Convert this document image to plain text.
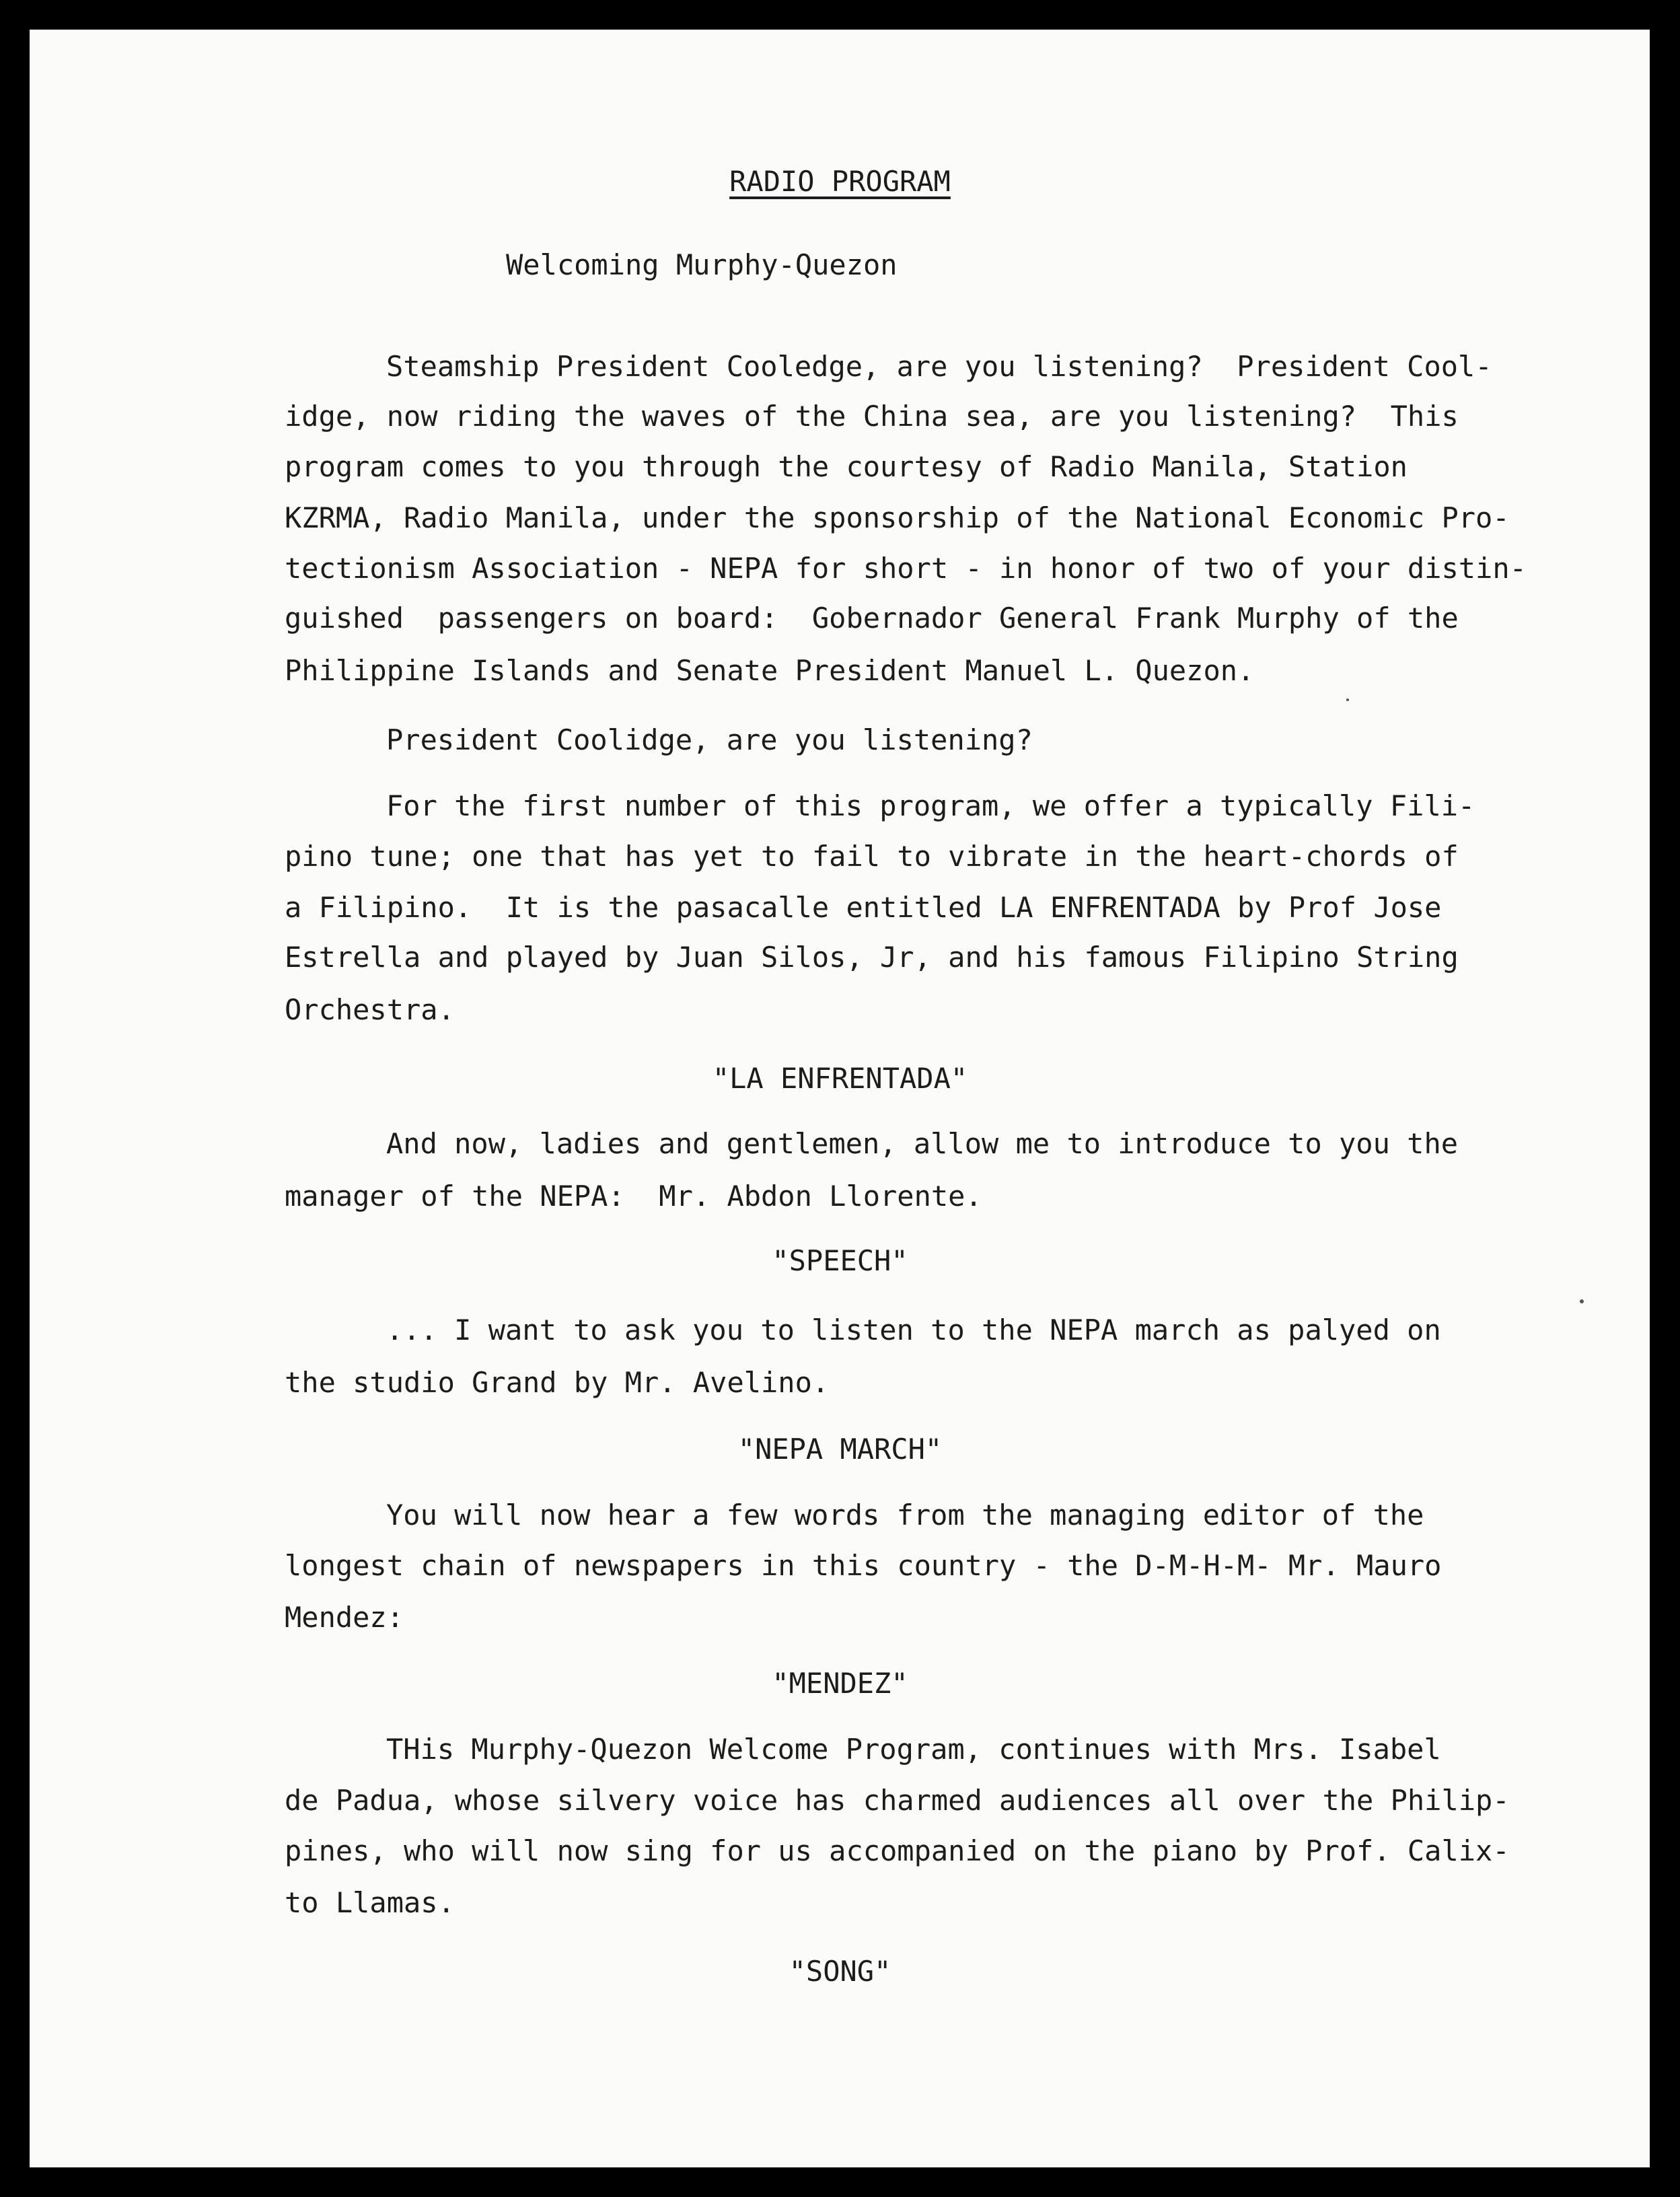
RADIO PROGRAM

Welcoming Murphy-Quezon

Steamship President Cooledge, are you listening?  President Cool-

idge, now riding the waves of the China sea, are you listening?  This

program comes to you through the courtesy of Radio Manila, Station

KZRMA, Radio Manila, under the sponsorship of the National Economic Pro-

tectionism Association - NEPA for short - in honor of two of your distin-

guished  passengers on board:  Gobernador General Frank Murphy of the

Philippine Islands and Senate President Manuel L. Quezon.

President Coolidge, are you listening?

For the first number of this program, we offer a typically Fili-

pino tune; one that has yet to fail to vibrate in the heart-chords of

a Filipino.  It is the pasacalle entitled LA ENFRENTADA by Prof Jose

Estrella and played by Juan Silos, Jr, and his famous Filipino String

Orchestra.

"LA ENFRENTADA"

And now, ladies and gentlemen, allow me to introduce to you the

manager of the NEPA:  Mr. Abdon Llorente.

"SPEECH"

... I want to ask you to listen to the NEPA march as palyed on

the studio Grand by Mr. Avelino.

"NEPA MARCH"

You will now hear a few words from the managing editor of the

longest chain of newspapers in this country - the D-M-H-M- Mr. Mauro

Mendez:

"MENDEZ"

THis Murphy-Quezon Welcome Program, continues with Mrs. Isabel

de Padua, whose silvery voice has charmed audiences all over the Philip-

pines, who will now sing for us accompanied on the piano by Prof. Calix-

to Llamas.

"SONG"
